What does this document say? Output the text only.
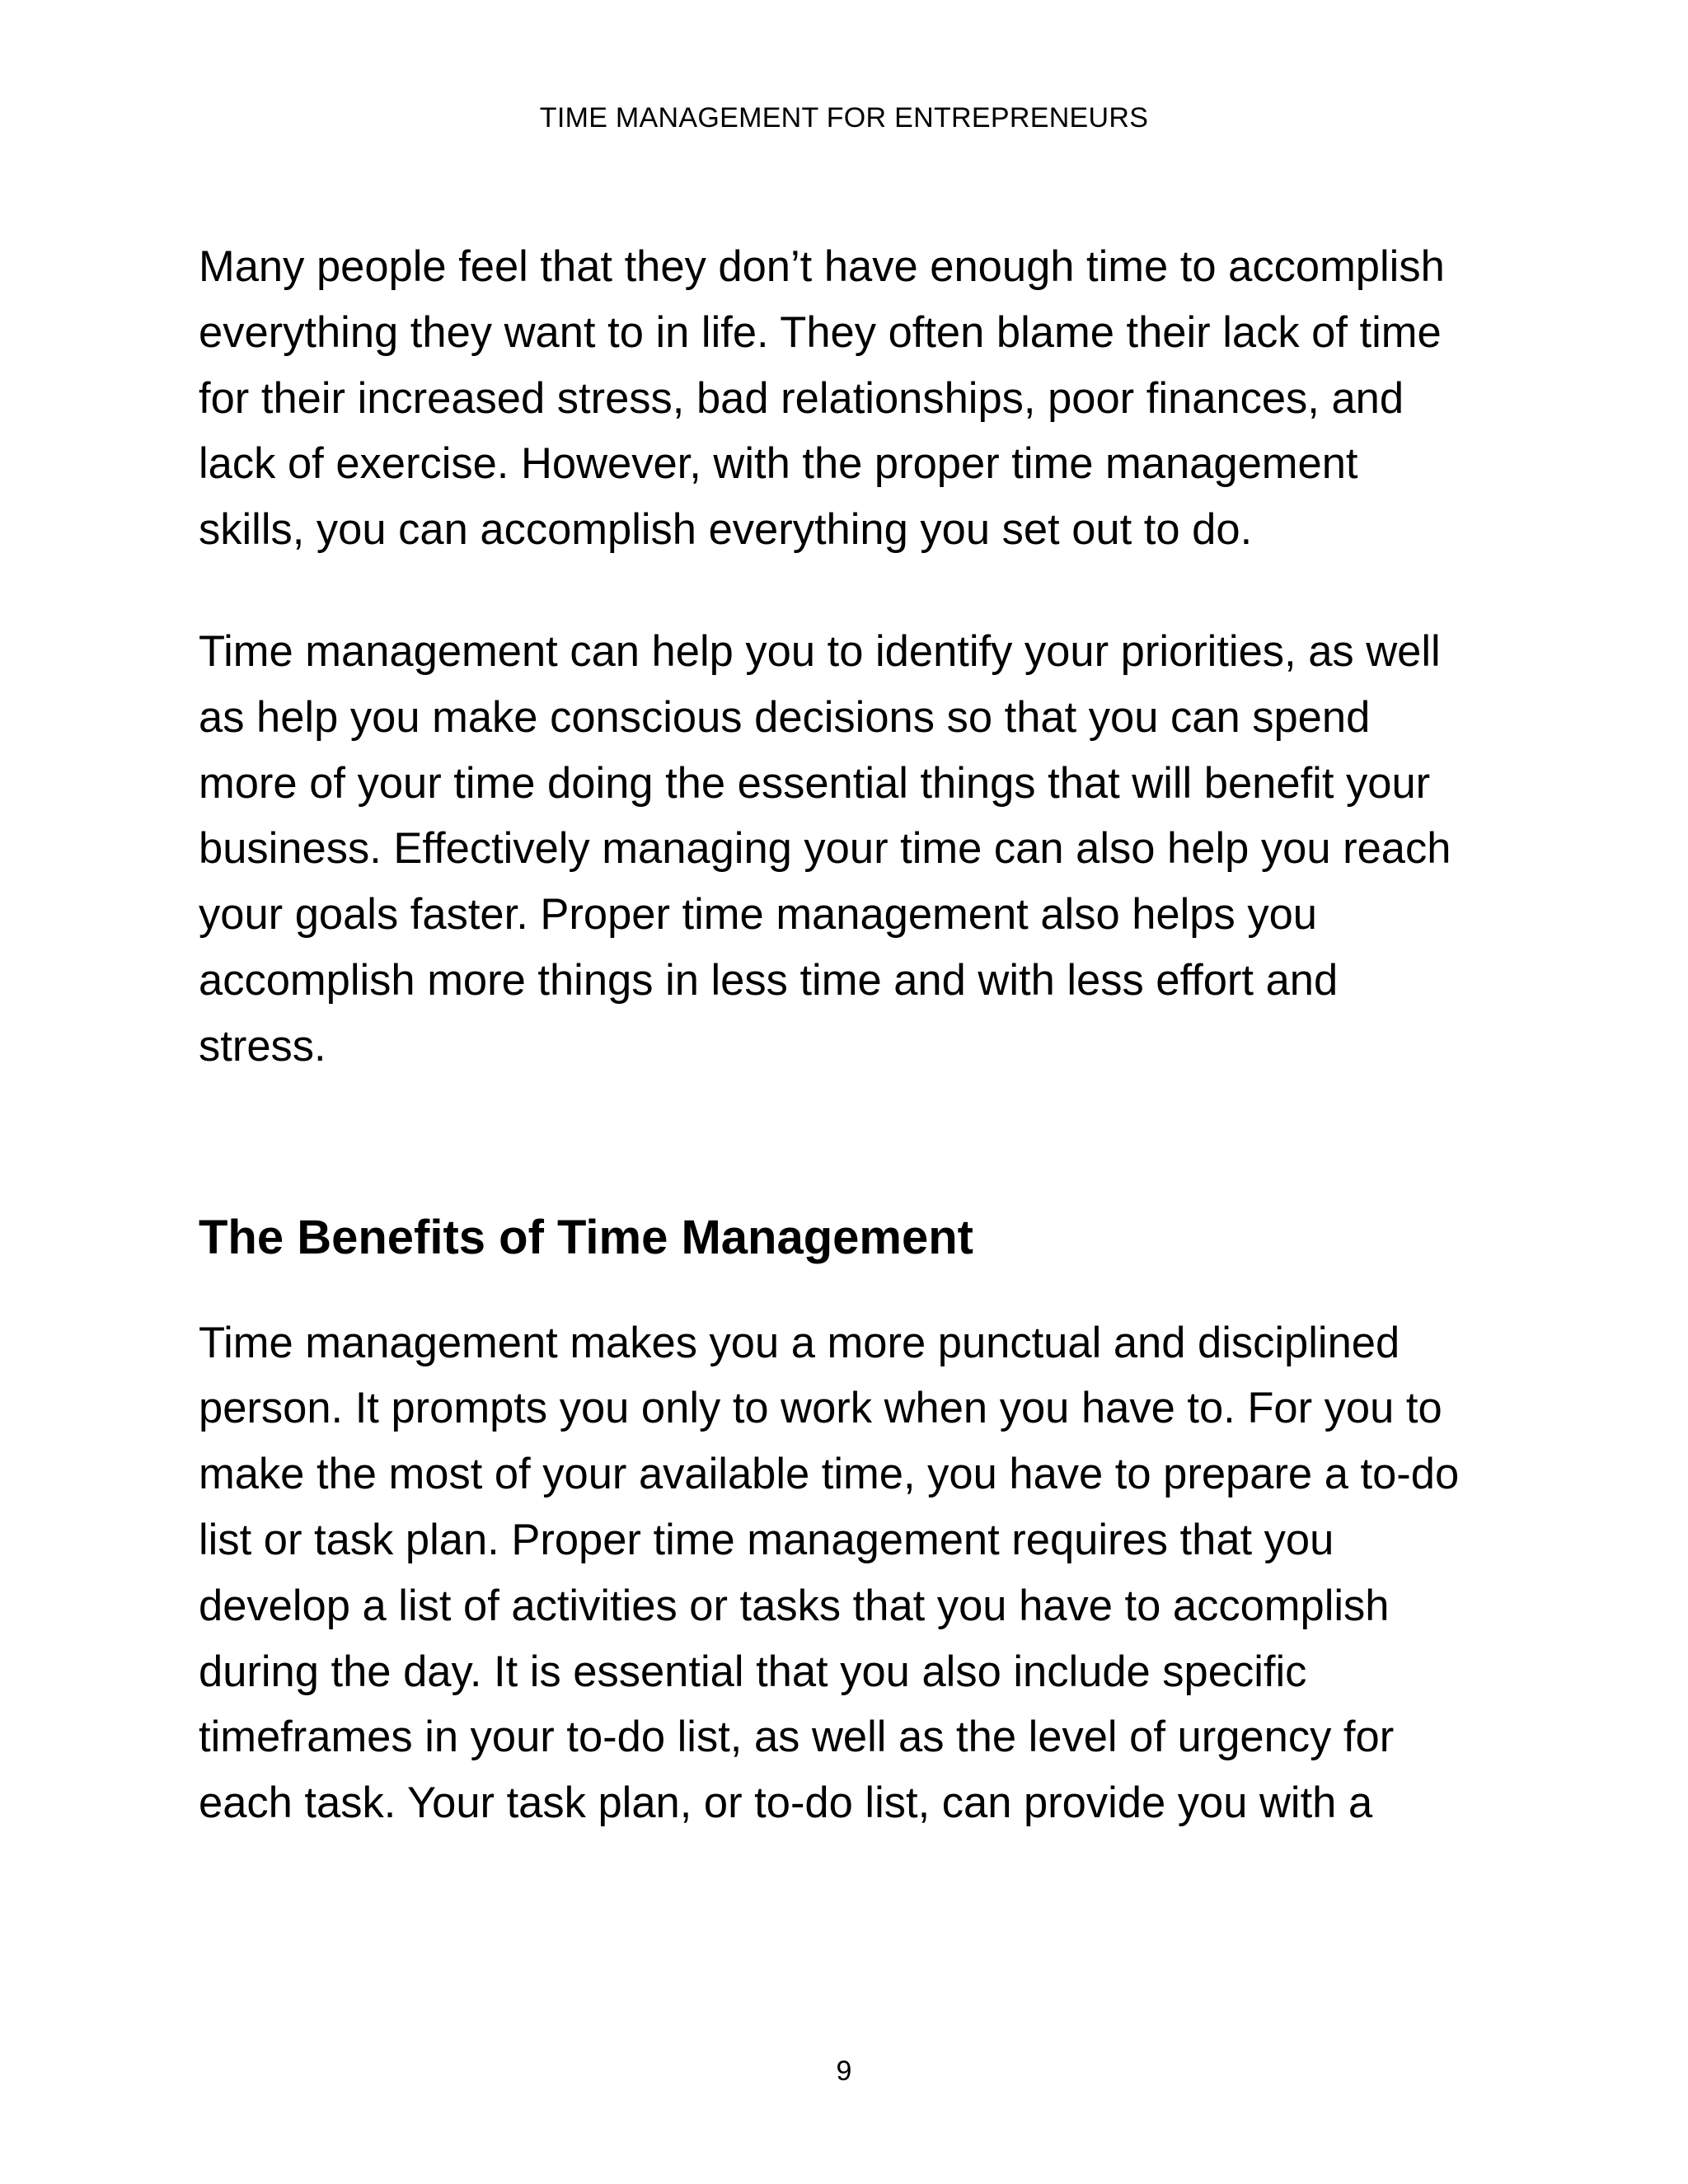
TIME MANAGEMENT FOR ENTREPRENEURS

Many people feel that they don’t have enough time to accomplish
everything they want to in life. They often blame their lack of time
for their increased stress, bad relationships, poor finances, and
lack of exercise. However, with the proper time management
skills, you can accomplish everything you set out to do.

Time management can help you to identify your priorities, as well
as help you make conscious decisions so that you can spend
more of your time doing the essential things that will benefit your
business. Effectively managing your time can also help you reach
your goals faster. Proper time management also helps you
accomplish more things in less time and with less effort and
stress.

The Benefits of Time Management

Time management makes you a more punctual and disciplined
person. It prompts you only to work when you have to. For you to
make the most of your available time, you have to prepare a to-do
list or task plan. Proper time management requires that you
develop a list of activities or tasks that you have to accomplish
during the day. It is essential that you also include specific
timeframes in your to-do list, as well as the level of urgency for
each task. Your task plan, or to-do list, can provide you with a

9
